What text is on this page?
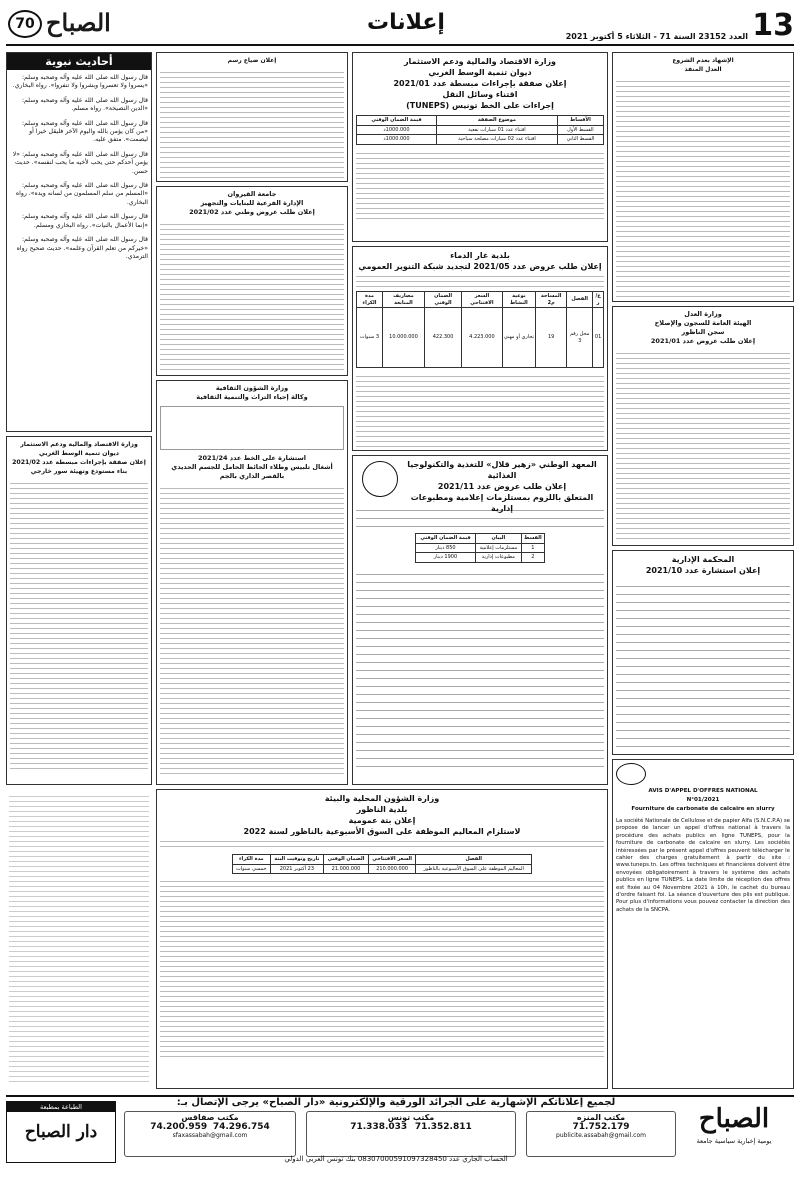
70 الصباح	إعلانات
العدد 23152 السنة 71 - الثلاثاء 5 أكتوبر 2021 13
الإشهاد بعدم الشروع
العدل المنفذ
وزارة العدل
الهيئة العامة للسجون والإصلاح
سجن الناظور
إعلان طلب عروض عدد 2021/01
المحكمة الإدارية
إعلان استشارة عدد 2021/10
AVIS D'APPEL D'OFFRES NATIONAL
N°01/2021
Fourniture de carbonate de calcaire en slurry
La société Nationale de Cellulose et de papier Alfa (S.N.C.P.A) se propose de lancer un appel d'offres national à travers la procédure des achats publics en ligne TUNEPS, pour la fourniture de carbonate de calcaire en slurry. Les sociétés intéressées par le présent appel d'offres peuvent télécharger le cahier des charges gratuitement à partir du site : www.tuneps.tn. Les offres techniques et financières doivent être envoyées obligatoirement à travers le système des achats publics en ligne TUNEPS. La date limite de réception des offres est fixée au 04 Novembre 2021 à 10h, le cachet du bureau d'ordre faisant foi. La séance d'ouverture des plis est publique. Pour plus d'informations vous pouvez contacter la direction des achats de la SNCPA.
وزارة الاقتصاد والمالية ودعم الاستثمار
ديوان تنمية الوسط الغربي
إعلان صفقة بإجراءات مبسطة عدد 2021/01
اقتناء وسائل النقل
إجراءات على الخط تونيس (TUNEPS)
الأقساط	موضوع الصفقة	قيمة الضمان الوقتي
القسط الأول	اقتناء عدد 01 سيارات نفعية	1000.000د
القسط الثاني	اقتناء عدد 02 سيارات مصلحة سياحية	1000.000د
بلدية غار الدماء
إعلان طلب عروض عدد 2021/05 لتجديد شبكة التنوير العمومي
ع/ر	الفصل	المساحة م2	نوعية النشاط	السعر الافتتاحي	الضمان الوقتي	مصاريف المتابعة	مدة الكراء
01	محل رقم 3	19	تجاري أو مهني	4.223.000	422.300	10.000.000	3 سنوات
المعهد الوطني «زهير قلال» للتغذية والتكنولوجيا الغذائية
إعلان طلب عروض عدد 2021/11
المتعلق باللزوم بمستلزمات إعلامية ومطبوعات إدارية
القسط	البيان	قيمة الضمان الوقتي
1	مستلزمات إعلامية	850 دينار
2	مطبوعات إدارية	1900 دينار
وزارة الشؤون المحلية والبيئة
بلدية الناظور
إعلان بتة عمومية
لاستلزام المعاليم الموظفة على السوق الأسبوعية بالناظور لسنة 2022
الفصل	السعر الافتتاحي	الضمان الوقتي	تاريخ وتوقيت البتة	مدة الكراء
المعاليم الموظفة على السوق الأسبوعية بالناظور	210.000.000	21.000.000	23 أكتوبر 2021	خمسي سنوات
إعلان ضياع رسم
جامعة القيروان
الإدارة الفرعية للبنايات والتجهيز
إعلان طلب عروض وطني عدد 2021/02
وزارة الشؤون الثقافية
وكالة إحياء التراث والتنمية الثقافية
استشارة على الخط عدد 2021/24
أشغال تلبيس وطلاء الحائط الحامل للجسم الحديدي بالقصر الداري بالجم
أحاديث نبوية

قال رسول الله صلى الله عليه وآله وصحبه وسلم: «يسروا ولا تعسروا وبشروا ولا تنفروا». رواه البخاري.

قال رسول الله صلى الله عليه وآله وصحبه وسلم: «الدين النصيحة». رواه مسلم.

قال رسول الله صلى الله عليه وآله وصحبه وسلم: «من كان يؤمن بالله واليوم الآخر فليقل خيرا أو ليصمت». متفق عليه.

قال رسول الله صلى الله عليه وآله وصحبه وسلم: «لا يؤمن أحدكم حتى يحب لأخيه ما يحب لنفسه». حديث حسن.

قال رسول الله صلى الله عليه وآله وصحبه وسلم: «المسلم من سلم المسلمون من لسانه ويده». رواه البخاري.

قال رسول الله صلى الله عليه وآله وصحبه وسلم: «إنما الأعمال بالنيات». رواه البخاري ومسلم.

قال رسول الله صلى الله عليه وآله وصحبه وسلم: «خيركم من تعلم القرآن وعلمه». حديث صحيح رواه الترمذي.

وزارة الاقتصاد والمالية ودعم الاستثمار
ديوان تنمية الوسط الغربي
إعلان صفقة بإجراءات مبسطة عدد 2021/02
بناء مستودع وتهيئة سور خارجي
لجميع إعلاناتكم الإشهارية على الجرائد الورقية والإلكترونية «دار الصباح» يرجى الإتصال بـ:
الصباح
يومية إخبارية سياسية جامعة
مكتب المنزه
71.752.179
publicite.assabah@gmail.com
مكتب تونس
71.352.811    71.338.033
مكتب صفاقس
74.296.754   74.200.959
sfaxassabah@gmail.com
الطباعة بمطبعة
دار الصباح
الحساب الجاري عدد 08307000591097328450 بنك تونس العربي الدولي
